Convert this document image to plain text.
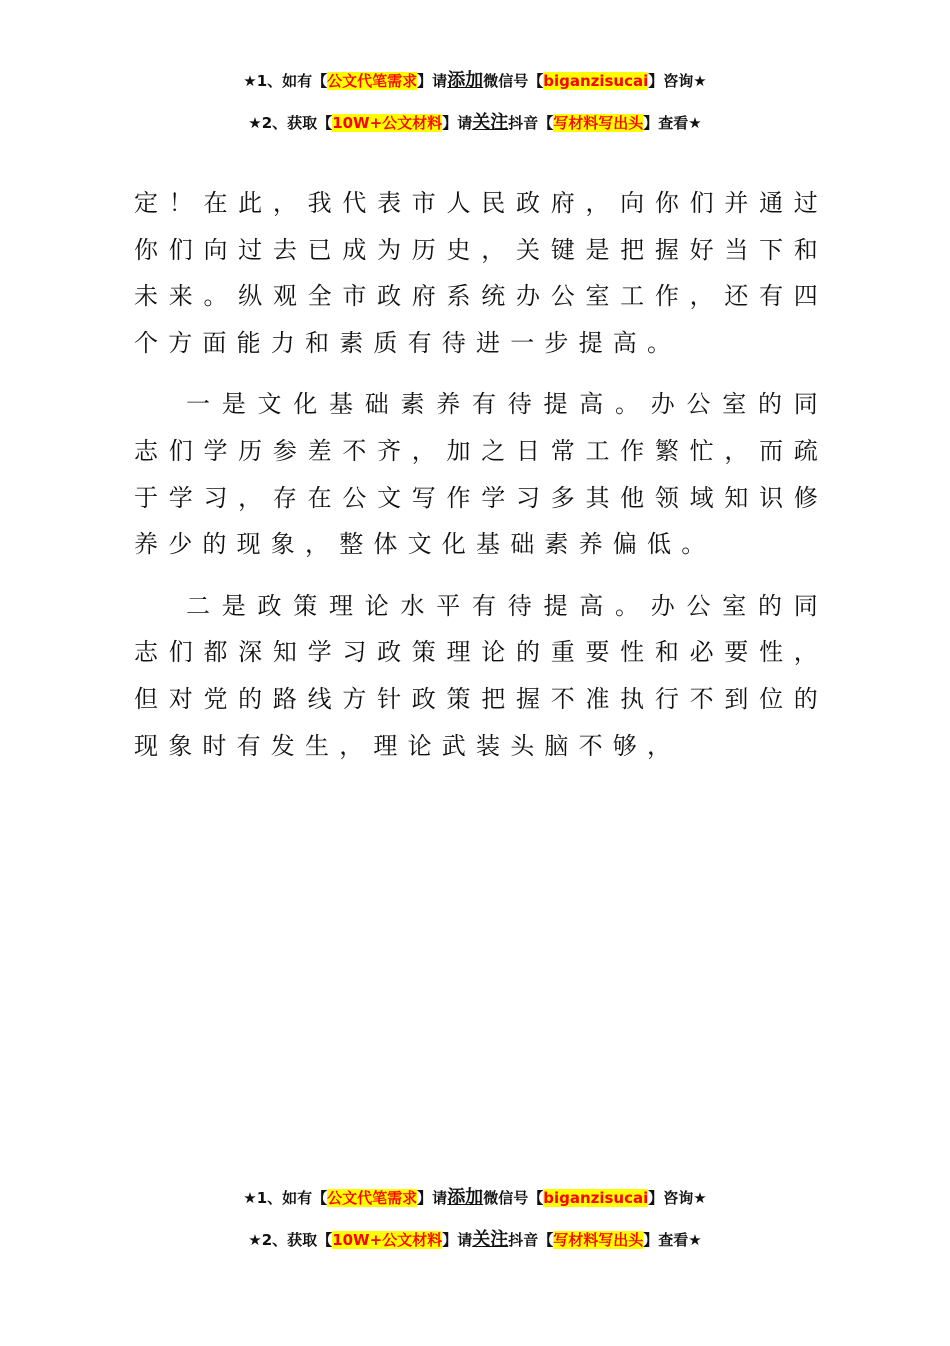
★1、如有【公文代笔需求】请添加微信号【biganzisucai】咨询★
★2、获取【10W+公文材料】请关注抖音【写材料写出头】查看★

定！在此，我代表市人民政府，向你们并通过你们向过去已成为历史，关键是把握好当下和未来。纵观全市政府系统办公室工作，还有四个方面能力和素质有待进一步提高。

一是文化基础素养有待提高。办公室的同志们学历参差不齐，加之日常工作繁忙，而疏于学习，存在公文写作学习多其他领域知识修养少的现象，整体文化基础素养偏低。

二是政策理论水平有待提高。办公室的同志们都深知学习政策理论的重要性和必要性，但对党的路线方针政策把握不准执行不到位的现象时有发生，理论武装头脑不够，

★1、如有【公文代笔需求】请添加微信号【biganzisucai】咨询★
★2、获取【10W+公文材料】请关注抖音【写材料写出头】查看★
